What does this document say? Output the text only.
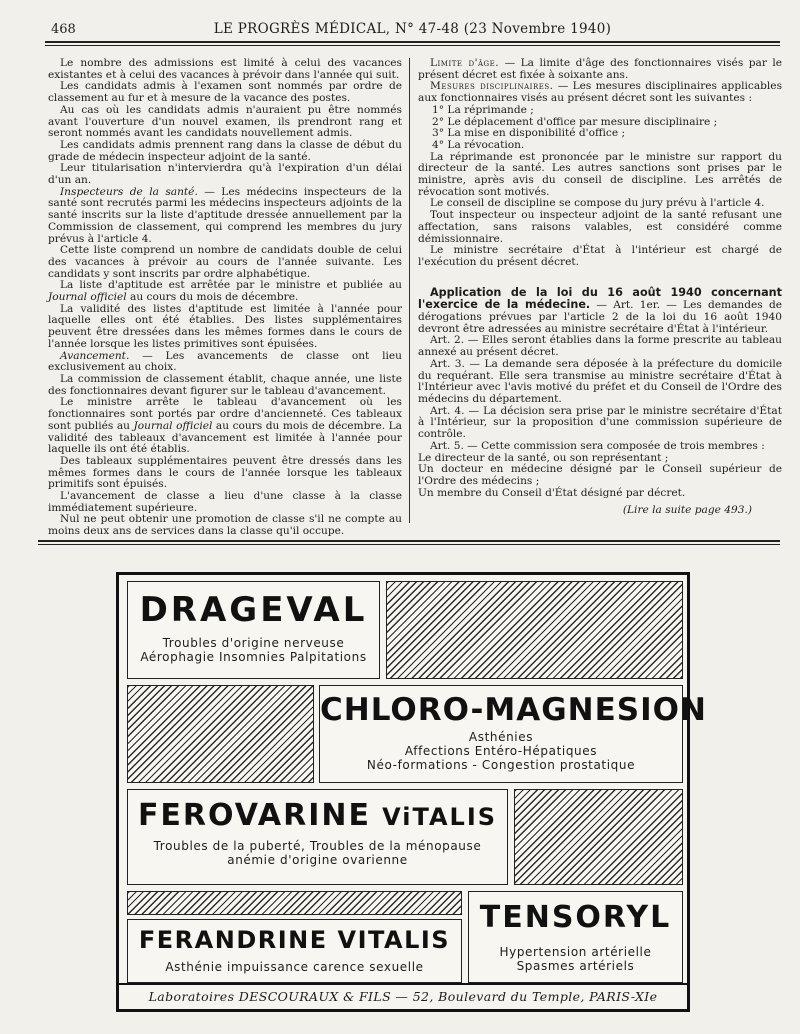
468	LE PROGRÈS MÉDICAL, N° 47-48 (23 Novembre 1940)

Le nombre des admissions est limité à celui des vacances existantes et à celui des vacances à prévoir dans l'année qui suit.

Les candidats admis à l'examen sont nommés par ordre de classement au fur et à mesure de la vacance des postes.

Au cas où les candidats admis n'auraient pu être nommés avant l'ouverture d'un nouvel examen, ils prendront rang et seront nommés avant les candidats nouvellement admis.

Les candidats admis prennent rang dans la classe de début du grade de médecin inspecteur adjoint de la santé.

Leur titularisation n'intervierdra qu'à l'expiration d'un délai d'un an.

Inspecteurs de la santé. — Les médecins inspecteurs de la santé sont recrutés parmi les médecins inspecteurs adjoints de la santé inscrits sur la liste d'aptitude dressée annuellement par la Commission de classement, qui comprend les membres du jury prévus à l'article 4.

Cette liste comprend un nombre de candidats double de celui des vacances à prévoir au cours de l'année suivante. Les candidats y sont inscrits par ordre alphabétique.

La liste d'aptitude est arrêtée par le ministre et publiée au Journal officiel au cours du mois de décembre.

La validité des listes d'aptitude est limitée à l'année pour laquelle elles ont été établies. Des listes supplémentaires peuvent être dressées dans les mêmes formes dans le cours de l'année lorsque les listes primitives sont épuisées.

Avancement. — Les avancements de classe ont lieu exclusivement au choix.

La commission de classement établit, chaque année, une liste des fonctionnaires devant figurer sur le tableau d'avancement.

Le ministre arrête le tableau d'avancement où les fonctionnaires sont portés par ordre d'ancienneté. Ces tableaux sont publiés au Journal officiel au cours du mois de décembre. La validité des tableaux d'avancement est limitée à l'année pour laquelle ils ont été établis.

Des tableaux supplémentaires peuvent être dressés dans les mêmes formes dans le cours de l'année lorsque les tableaux primitifs sont épuisés.

L'avancement de classe a lieu d'une classe à la classe immédiatement supérieure.

Nul ne peut obtenir une promotion de classe s'il ne compte au moins deux ans de services dans la classe qu'il occupe.

Limite d'âge. — La limite d'âge des fonctionnaires visés par le présent décret est fixée à soixante ans.

Mesures disciplinaires. — Les mesures disciplinaires applicables aux fonctionnaires visés au présent décret sont les suivantes :

1° La réprimande ;

2° Le déplacement d'office par mesure disciplinaire ;

3° La mise en disponibilité d'office ;

4° La révocation.

La réprimande est prononcée par le ministre sur rapport du directeur de la santé. Les autres sanctions sont prises par le ministre, après avis du conseil de discipline. Les arrêtés de révocation sont motivés.

Le conseil de discipline se compose du jury prévu à l'article 4.

Tout inspecteur ou inspecteur adjoint de la santé refusant une affectation, sans raisons valables, est considéré comme démissionnaire.

Le ministre secrétaire d'État à l'intérieur est chargé de l'exécution du présent décret.

Application de la loi du 16 août 1940 concernant l'exercice de la médecine. — Art. 1er. — Les demandes de dérogations prévues par l'article 2 de la loi du 16 août 1940 devront être adressées au ministre secrétaire d'État à l'intérieur.

Art. 2. — Elles seront établies dans la forme prescrite au tableau annexé au présent décret.

Art. 3. — La demande sera déposée à la préfecture du domicile du requérant. Elle sera transmise au ministre secrétaire d'État à l'Intérieur avec l'avis motivé du préfet et du Conseil de l'Ordre des médecins du département.

Art. 4. — La décision sera prise par le ministre secrétaire d'État à l'Intérieur, sur la proposition d'une commission supérieure de contrôle.

Art. 5. — Cette commission sera composée de trois membres :

Le directeur de la santé, ou son représentant ;

Un docteur en médecine désigné par le Conseil supérieur de l'Ordre des médecins ;

Un membre du Conseil d'État désigné par décret.

(Lire la suite page 493.)
DRAGEVAL
Troubles d'origine nerveuse
Aérophagie Insomnies Palpitations
CHLORO-MAGNESION
Asthénies
Affections Entéro-Hépatiques
Néo-formations - Congestion prostatique
FEROVARINE ViTALIS
Troubles de la puberté, Troubles de la ménopause
anémie d'origine ovarienne
FERANDRINE VITALIS
Asthénie impuissance carence sexuelle
TENSORYL
Hypertension artérielle
Spasmes artériels
Laboratoires DESCOURAUX & FILS — 52, Boulevard du Temple, PARIS-XIe
